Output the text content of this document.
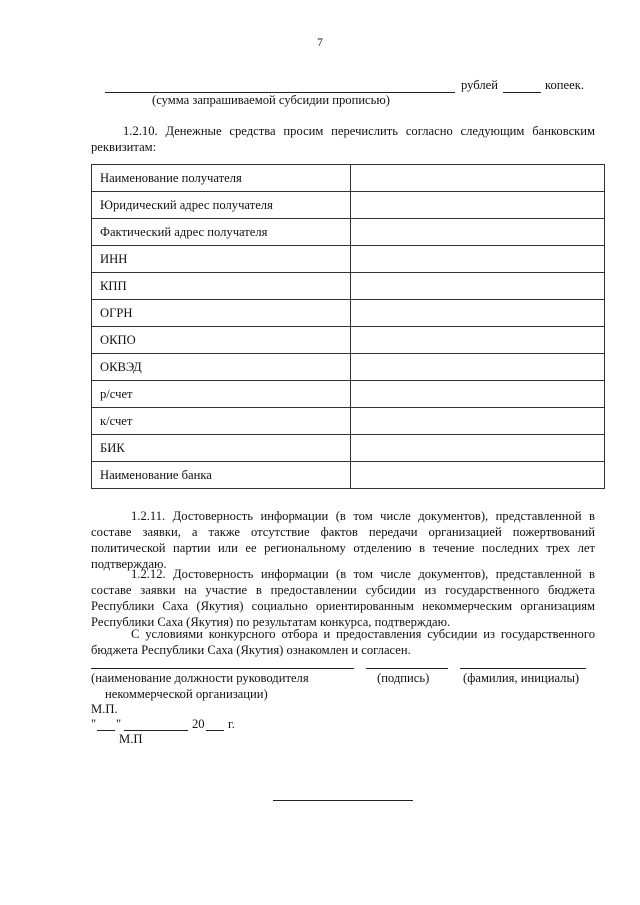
7
рублей	копеек.
(сумма запрашиваемой субсидии прописью)
1.2.10. Денежные средства просим перечислить согласно следующим банковским
реквизитам:
Наименование получателя	
Юридический адрес получателя	
Фактический адрес получателя	
ИНН	
КПП	
ОГРН	
ОКПО	
ОКВЭД	
р/счет	
к/счет	
БИК	
Наименование банка	
1.2.11. Достоверность информации (в том числе документов), представленной в
составе заявки, а также отсутствие фактов передачи организацией пожертвований
политической партии или ее региональному отделению в течение последних трех лет
подтверждаю.
1.2.12. Достоверность информации (в том числе документов), представленной в
составе заявки на участие в предоставлении субсидии из государственного бюджета
Республики Саха (Якутия) социально ориентированным некоммерческим организациям
Республики Саха (Якутия) по результатам конкурса, подтверждаю.
С условиями конкурсного отбора и предоставления субсидии из государственного
бюджета Республики Саха (Якутия) ознакомлен и согласен.
(наименование должности руководителя	(подпись)	(фамилия, инициалы)
некоммерческой организации)
М.П.
" "	20 г.
М.П
